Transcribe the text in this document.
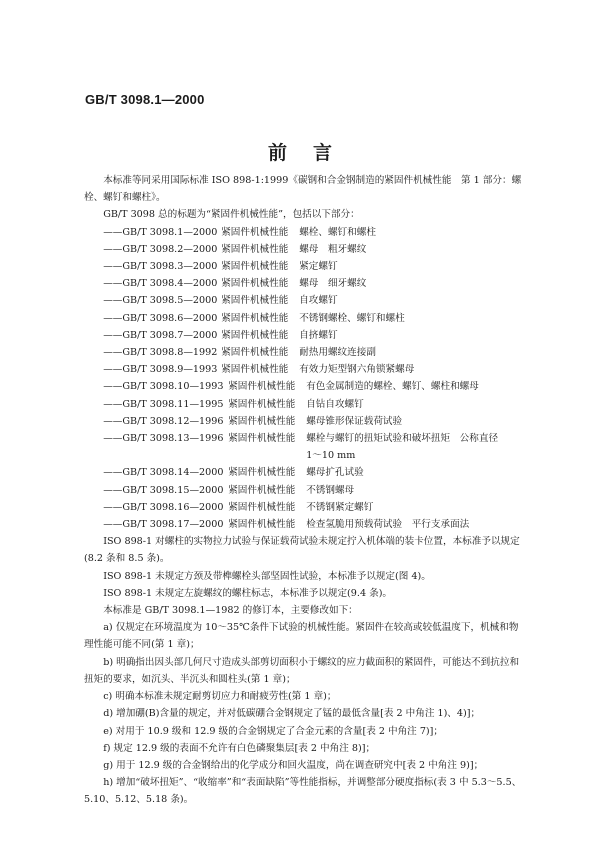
GB/T 3098.1—2000
前言

本标准等同采用国际标准 ISO 898-1:1999《碳钢和合金钢制造的紧固件机械性能　第 1 部分：螺栓、螺钉和螺柱》。

GB/T 3098 总的标题为“紧固件机械性能”，包括以下部分：

——GB/T 3098.1—2000 紧固件机械性能 螺栓、螺钉和螺柱
——GB/T 3098.2—2000 紧固件机械性能 螺母　粗牙螺纹
——GB/T 3098.3—2000 紧固件机械性能 紧定螺钉
——GB/T 3098.4—2000 紧固件机械性能 螺母　细牙螺纹
——GB/T 3098.5—2000 紧固件机械性能 自攻螺钉
——GB/T 3098.6—2000 紧固件机械性能 不锈钢螺栓、螺钉和螺柱
——GB/T 3098.7—2000 紧固件机械性能 自挤螺钉
——GB/T 3098.8—1992 紧固件机械性能 耐热用螺纹连接副
——GB/T 3098.9—1993 紧固件机械性能 有效力矩型钢六角锁紧螺母
——GB/T 3098.10—1993 紧固件机械性能 有色金属制造的螺栓、螺钉、螺柱和螺母
——GB/T 3098.11—1995 紧固件机械性能 自钻自攻螺钉
——GB/T 3098.12—1996 紧固件机械性能 螺母锥形保证载荷试验
——GB/T 3098.13—1996 紧固件机械性能 螺栓与螺钉的扭矩试验和破坏扭矩　公称直径
1～10 mm
——GB/T 3098.14—2000 紧固件机械性能 螺母扩孔试验
——GB/T 3098.15—2000 紧固件机械性能 不锈钢螺母
——GB/T 3098.16—2000 紧固件机械性能 不锈钢紧定螺钉
——GB/T 3098.17—2000 紧固件机械性能 检查氢脆用预载荷试验　平行支承面法

ISO 898-1 对螺柱的实物拉力试验与保证载荷试验未规定拧入机体端的装卡位置，本标准予以规定(8.2 条和 8.5 条)。

ISO 898-1 未规定方颈及带榫螺栓头部坚固性试验，本标准予以规定(图 4)。

ISO 898-1 未规定左旋螺纹的螺柱标志，本标准予以规定(9.4 条)。

本标准是 GB/T 3098.1—1982 的修订本，主要修改如下：

a) 仅规定在环境温度为 10～35℃条件下试验的机械性能。紧固件在较高或较低温度下，机械和物理性能可能不同(第 1 章)；

b) 明确指出因头部几何尺寸造成头部剪切面积小于螺纹的应力截面积的紧固件，可能达不到抗拉和扭矩的要求，如沉头、半沉头和圆柱头(第 1 章)；

c) 明确本标准未规定耐剪切应力和耐疲劳性(第 1 章)；

d) 增加硼(B)含量的规定，并对低碳硼合金钢规定了锰的最低含量[表 2 中角注 1)、4)]；

e) 对用于 10.9 级和 12.9 级的合金钢规定了合金元素的含量[表 2 中角注 7)]；

f) 规定 12.9 级的表面不允许有白色磷聚集层[表 2 中角注 8)]；

g) 用于 12.9 级的合金钢给出的化学成分和回火温度，尚在调查研究中[表 2 中角注 9)]；

h) 增加“破坏扭矩”、“收缩率”和“表面缺陷”等性能指标，并调整部分硬度指标(表 3 中 5.3～5.5、5.10、5.12、5.18 条)。
